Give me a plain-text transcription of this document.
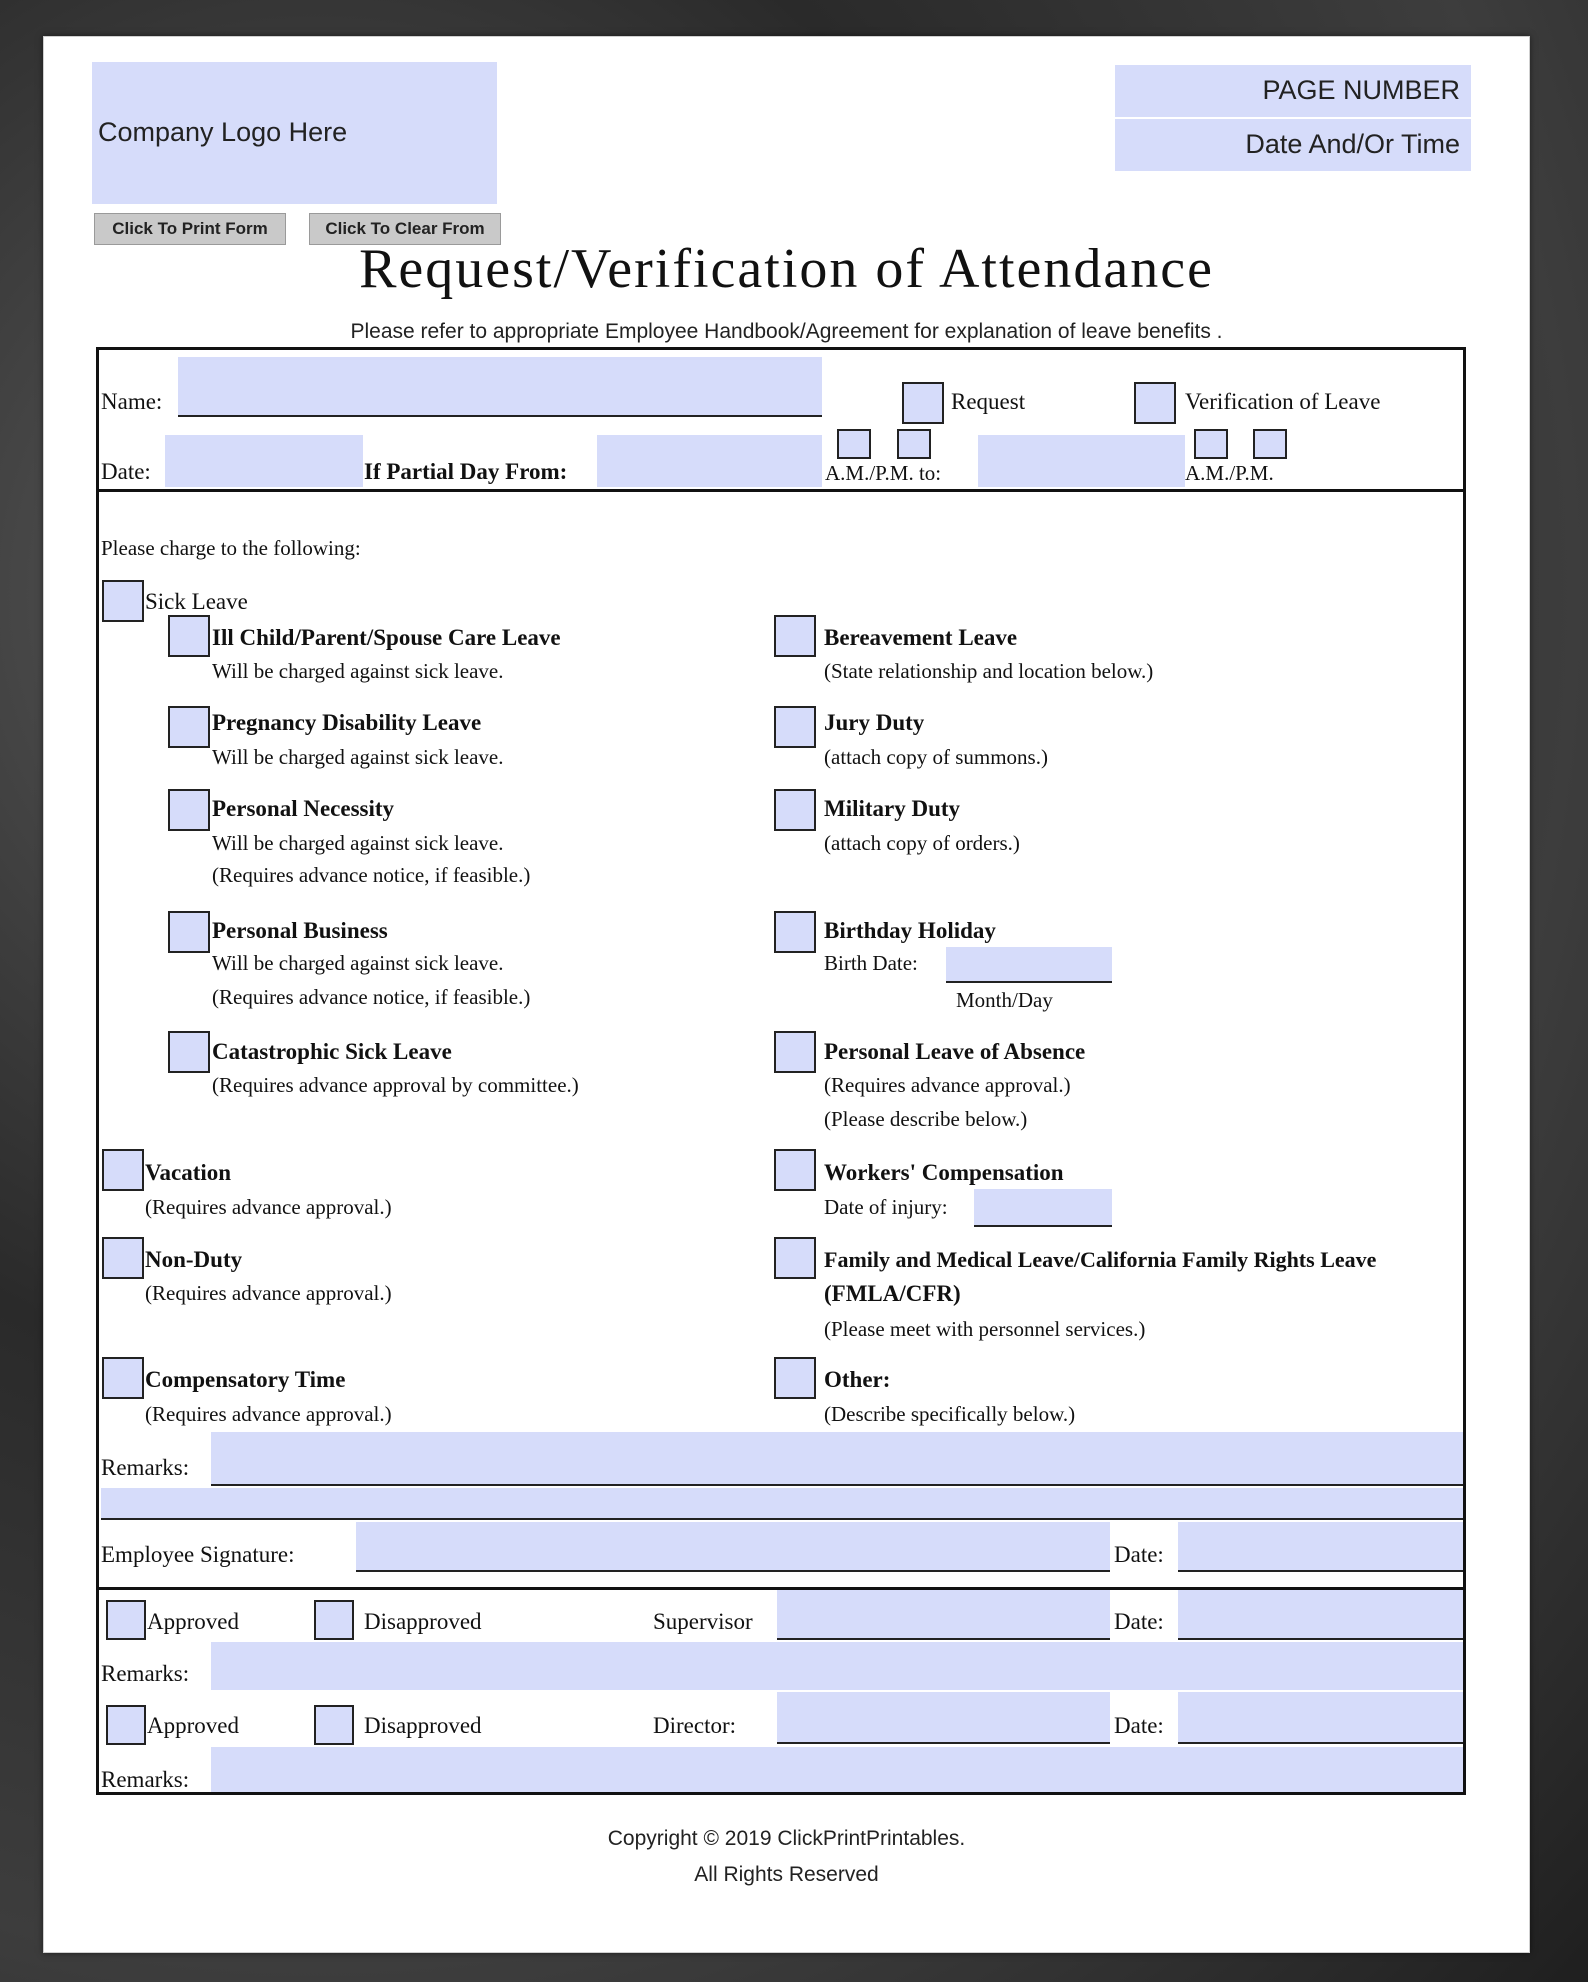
Company Logo Here
PAGE NUMBER
Date And/Or Time
Click To Print Form	Click To Clear From
Request/Verification of Attendance
Please refer to appropriate Employee Handbook/Agreement for explanation of leave benefits .
Name:	Request	Verification of Leave
Date:	If Partial Day From:	A.M./P.M. to:	A.M./P.M.
Please charge to the following:
Sick Leave
Ill Child/Parent/Spouse Care Leave
Will be charged against sick leave.
Pregnancy Disability Leave
Will be charged against sick leave.
Personal Necessity
Will be charged against sick leave.
(Requires advance notice, if feasible.)
Personal Business
Will be charged against sick leave.
(Requires advance notice, if feasible.)
Catastrophic Sick Leave
(Requires advance approval by committee.)
Vacation
(Requires advance approval.)
Non-Duty
(Requires advance approval.)
Compensatory Time
(Requires advance approval.)
Bereavement Leave
(State relationship and location below.)
Jury Duty
(attach copy of summons.)
Military Duty
(attach copy of orders.)
Birthday Holiday
Birth Date:
Month/Day
Personal Leave of Absence
(Requires advance approval.)
(Please describe below.)
Workers' Compensation
Date of injury:
Family and Medical Leave/California Family Rights Leave
(FMLA/CFR)
(Please meet with personnel services.)
Other:
(Describe specifically below.)
Remarks:
Employee Signature:	Date:
Approved	Disapproved	Supervisor	Date:
Remarks:
Approved	Disapproved	Director:	Date:
Remarks:
Copyright © 2019 ClickPrintPrintables.
All Rights Reserved
